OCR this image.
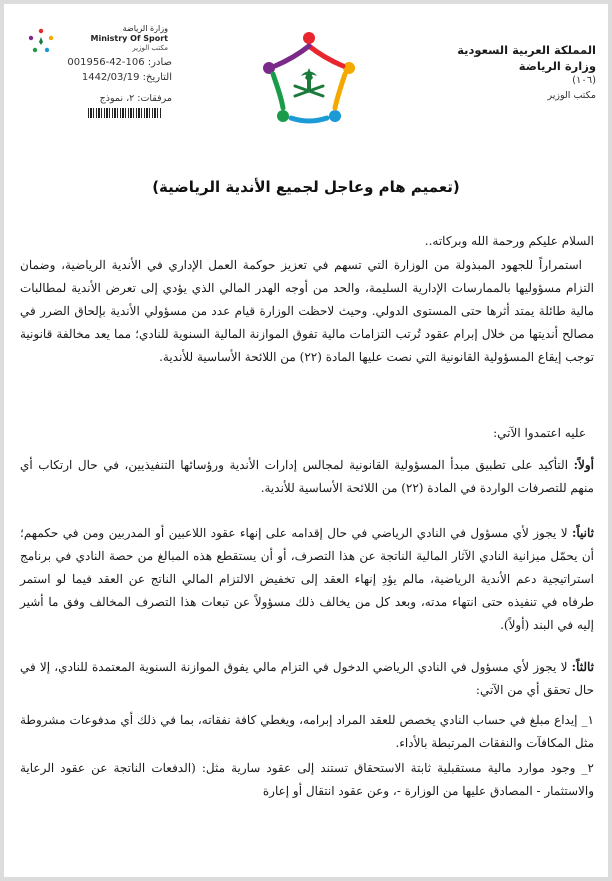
المملكة العربية السعودية
وزارة الرياضة
(١٠٦)
مكتب الوزير
وزارة الرياضة
Ministry Of Sport
مكتب الوزير
صادر: 106-42-001956
التاريخ: 1442/03/19
مرفقات: ٢، نموذج
(تعميم هام وعاجل لجميع الأندية الرياضية)
السلام عليكم ورحمة الله وبركاته..
استمراراً للجهود المبذولة من الوزارة التي تسهم في تعزيز حوكمة العمل الإداري في الأندية الرياضية، وضمان التزام مسؤوليها بالممارسات الإدارية السليمة، والحد من أوجه الهدر المالي الذي يؤدي إلى تعرض الأندية لمطالبات مالية طائلة يمتد أثرها حتى المستوى الدولي. وحيث لاحظت الوزارة قيام عدد من مسؤولي الأندية بإلحاق الضرر في مصالح أنديتها من خلال إبرام عقود تُرتب التزامات مالية تفوق الموازنة المالية السنوية للنادي؛ مما يعد مخالفة قانونية توجب إيقاع المسؤولية القانونية التي نصت عليها المادة (٢٢) من اللائحة الأساسية للأندية.
عليه اعتمدوا الآتي:
أولاً: التأكيد على تطبيق مبدأ المسؤولية القانونية لمجالس إدارات الأندية ورؤسائها التنفيذيين، في حال ارتكاب أي منهم للتصرفات الواردة في المادة (٢٢) من اللائحة الأساسية للأندية.
ثانياً: لا يجوز لأي مسؤول في النادي الرياضي في حال إقدامه على إنهاء عقود اللاعبين أو المدربين ومن في حكمهم؛ أن يحمّل ميزانية النادي الآثار المالية الناتجة عن هذا التصرف، أو أن يستقطع هذه المبالغ من حصة النادي في برنامج استراتيجية دعم الأندية الرياضية، مالم يؤدِ إنهاء العقد إلى تخفيض الالتزام المالي الناتج عن العقد فيما لو استمر طرفاه في تنفيذه حتى انتهاء مدته، وبعد كل من يخالف ذلك مسؤولاً عن تبعات هذا التصرف المخالف وفق ما أشير إليه في البند (أولاً).
ثالثاً: لا يجوز لأي مسؤول في النادي الرياضي الدخول في التزام مالي يفوق الموازنة السنوية المعتمدة للنادي، إلا في حال تحقق أي من الآتي:
١_ إيداع مبلغ في حساب النادي يخصص للعقد المراد إبرامه، ويغطي كافة نفقاته، بما في ذلك أي مدفوعات مشروطة مثل المكافآت والنفقات المرتبطة بالأداء.
٢_ وجود موارد مالية مستقبلية ثابتة الاستحقاق تستند إلى عقود سارية مثل: (الدفعات الناتجة عن عقود الرعاية والاستثمار - المصادق عليها من الوزارة -، وعن عقود انتقال أو إعارة
